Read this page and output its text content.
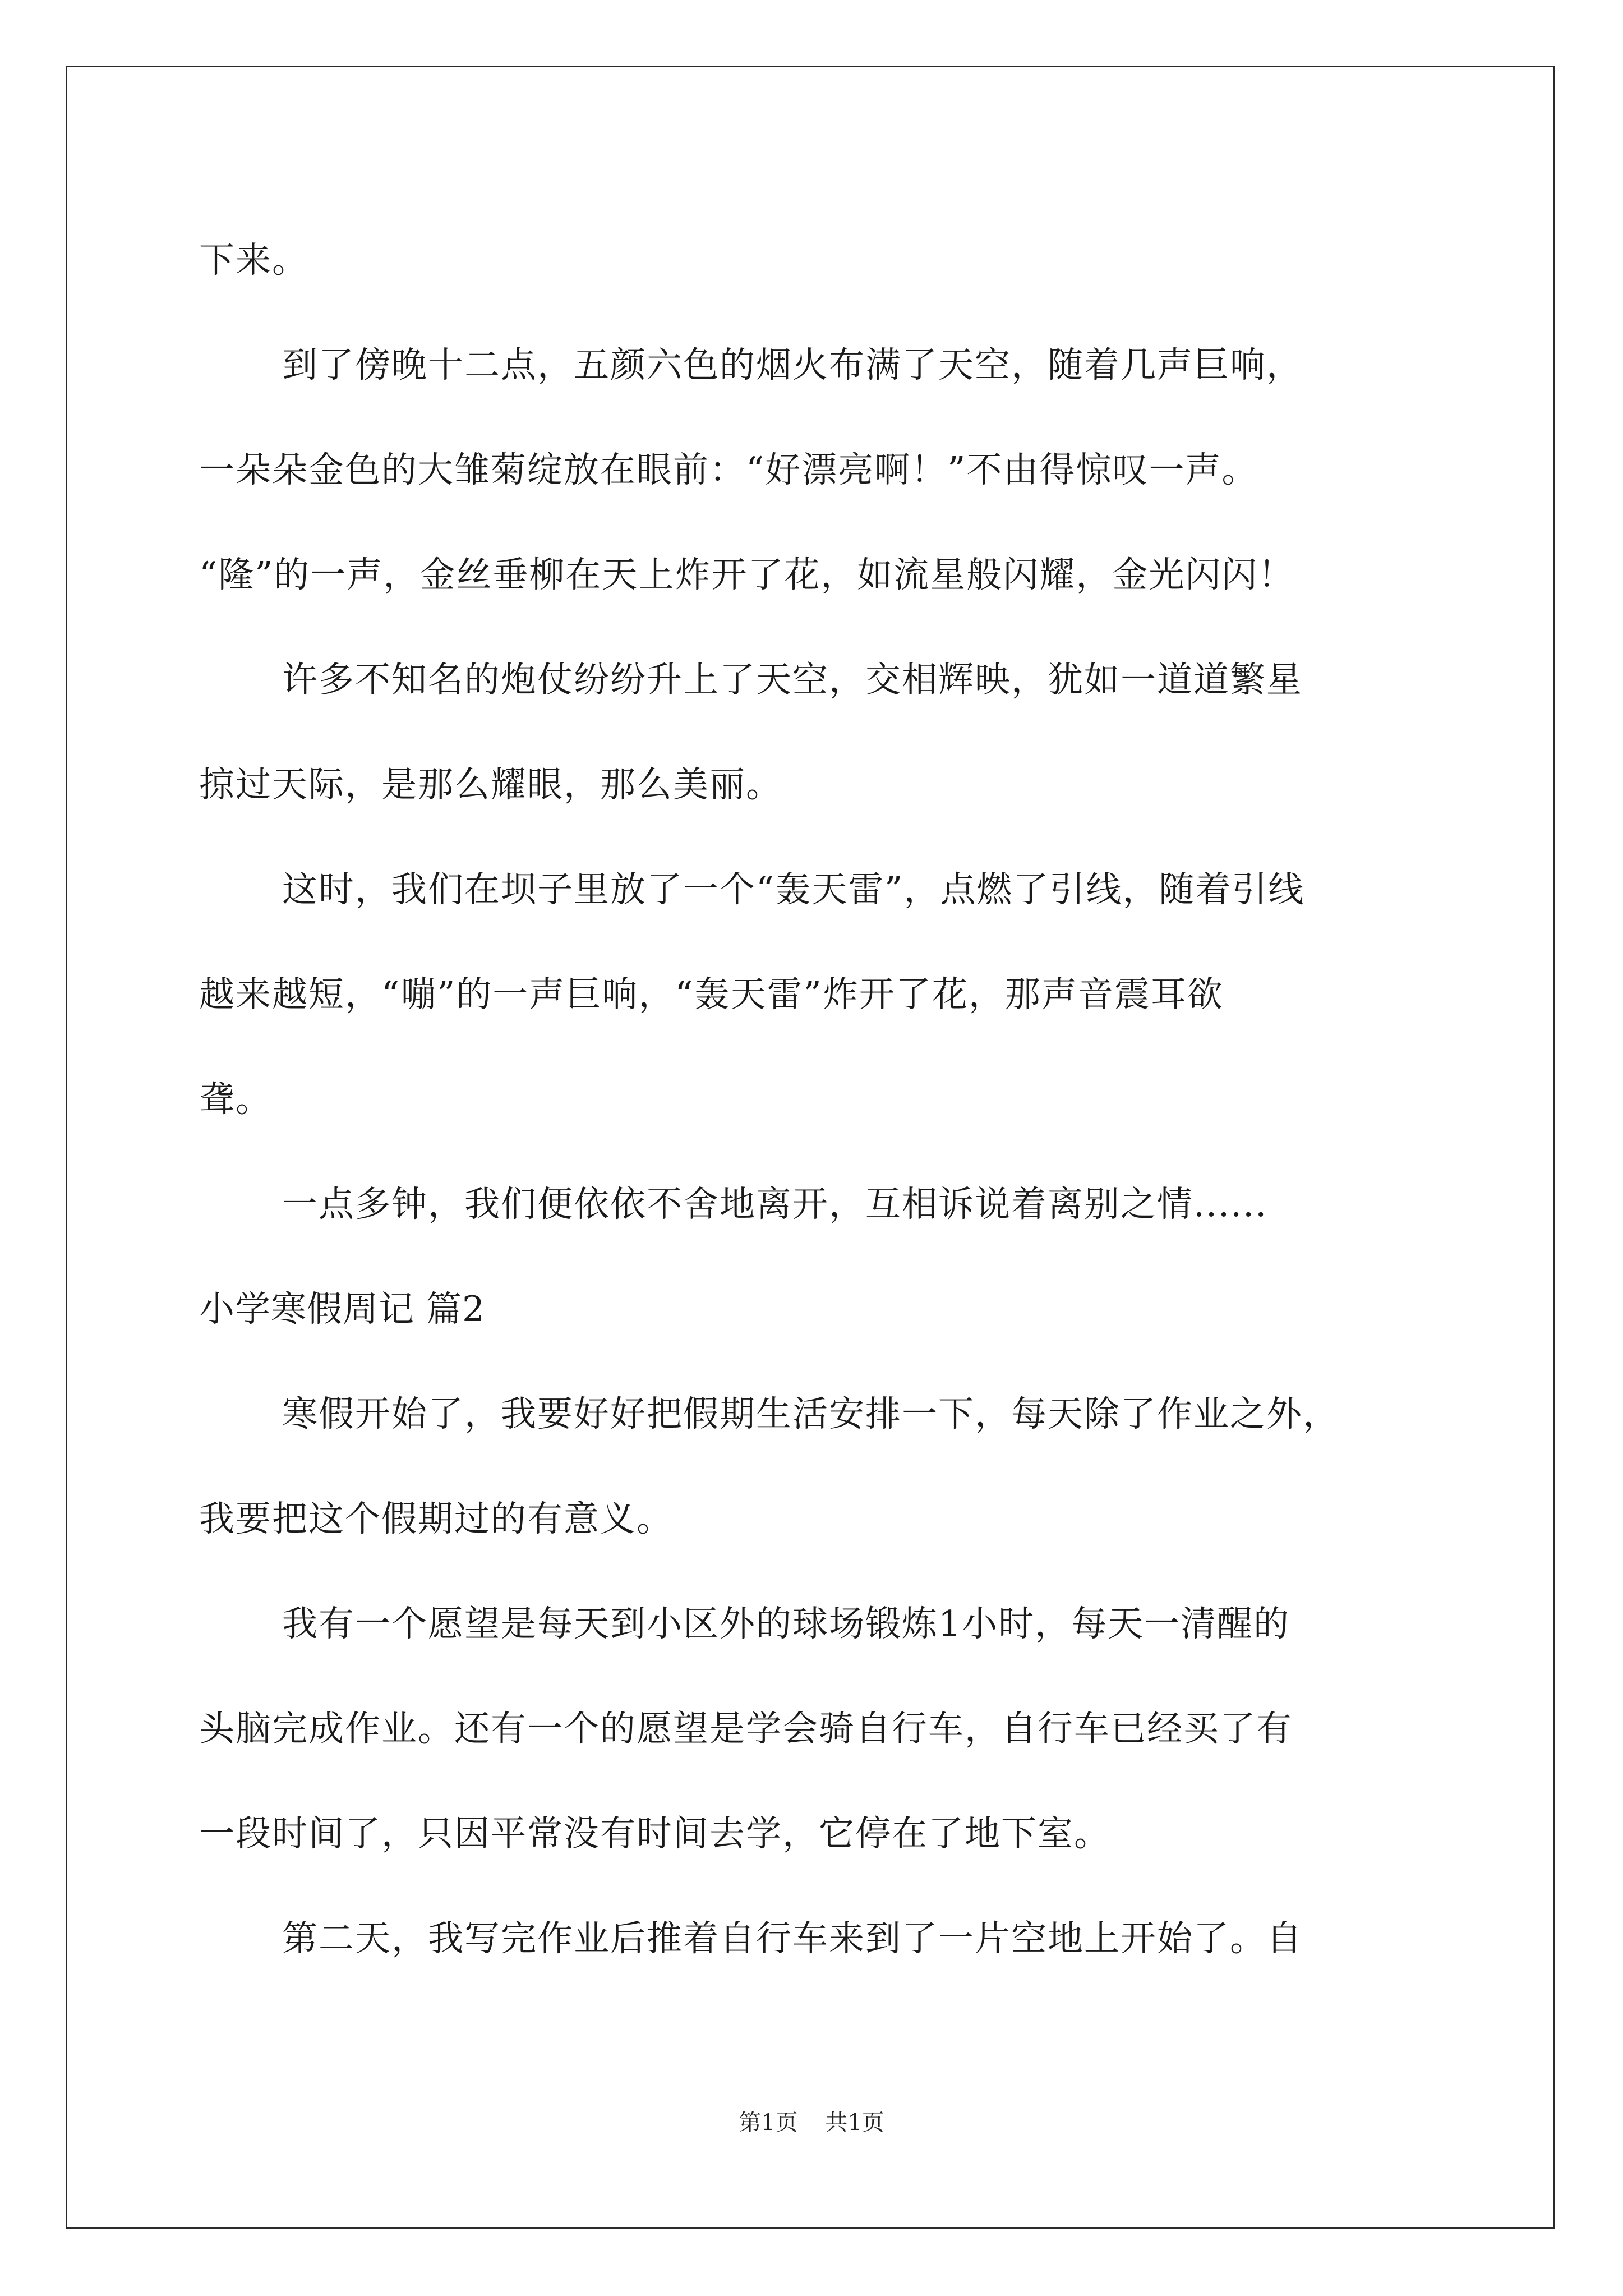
下来。
到了傍晚十二点，五颜六色的烟火布满了天空，随着几声巨响，
一朵朵金色的大雏菊绽放在眼前：“好漂亮啊！”不由得惊叹一声。
“隆”的一声，金丝垂柳在天上炸开了花，如流星般闪耀，金光闪闪！
许多不知名的炮仗纷纷升上了天空，交相辉映，犹如一道道繁星
掠过天际，是那么耀眼，那么美丽。
这时，我们在坝子里放了一个“轰天雷”，点燃了引线，随着引线
越来越短，“嘣”的一声巨响，“轰天雷”炸开了花，那声音震耳欲
聋。
一点多钟，我们便依依不舍地离开，互相诉说着离别之情......
小学寒假周记 篇2
寒假开始了，我要好好把假期生活安排一下，每天除了作业之外，
我要把这个假期过的有意义。
我有一个愿望是每天到小区外的球场锻炼1小时，每天一清醒的
头脑完成作业。还有一个的愿望是学会骑自行车，自行车已经买了有
一段时间了，只因平常没有时间去学，它停在了地下室。
第二天，我写完作业后推着自行车来到了一片空地上开始了。自
第1页 共1页
